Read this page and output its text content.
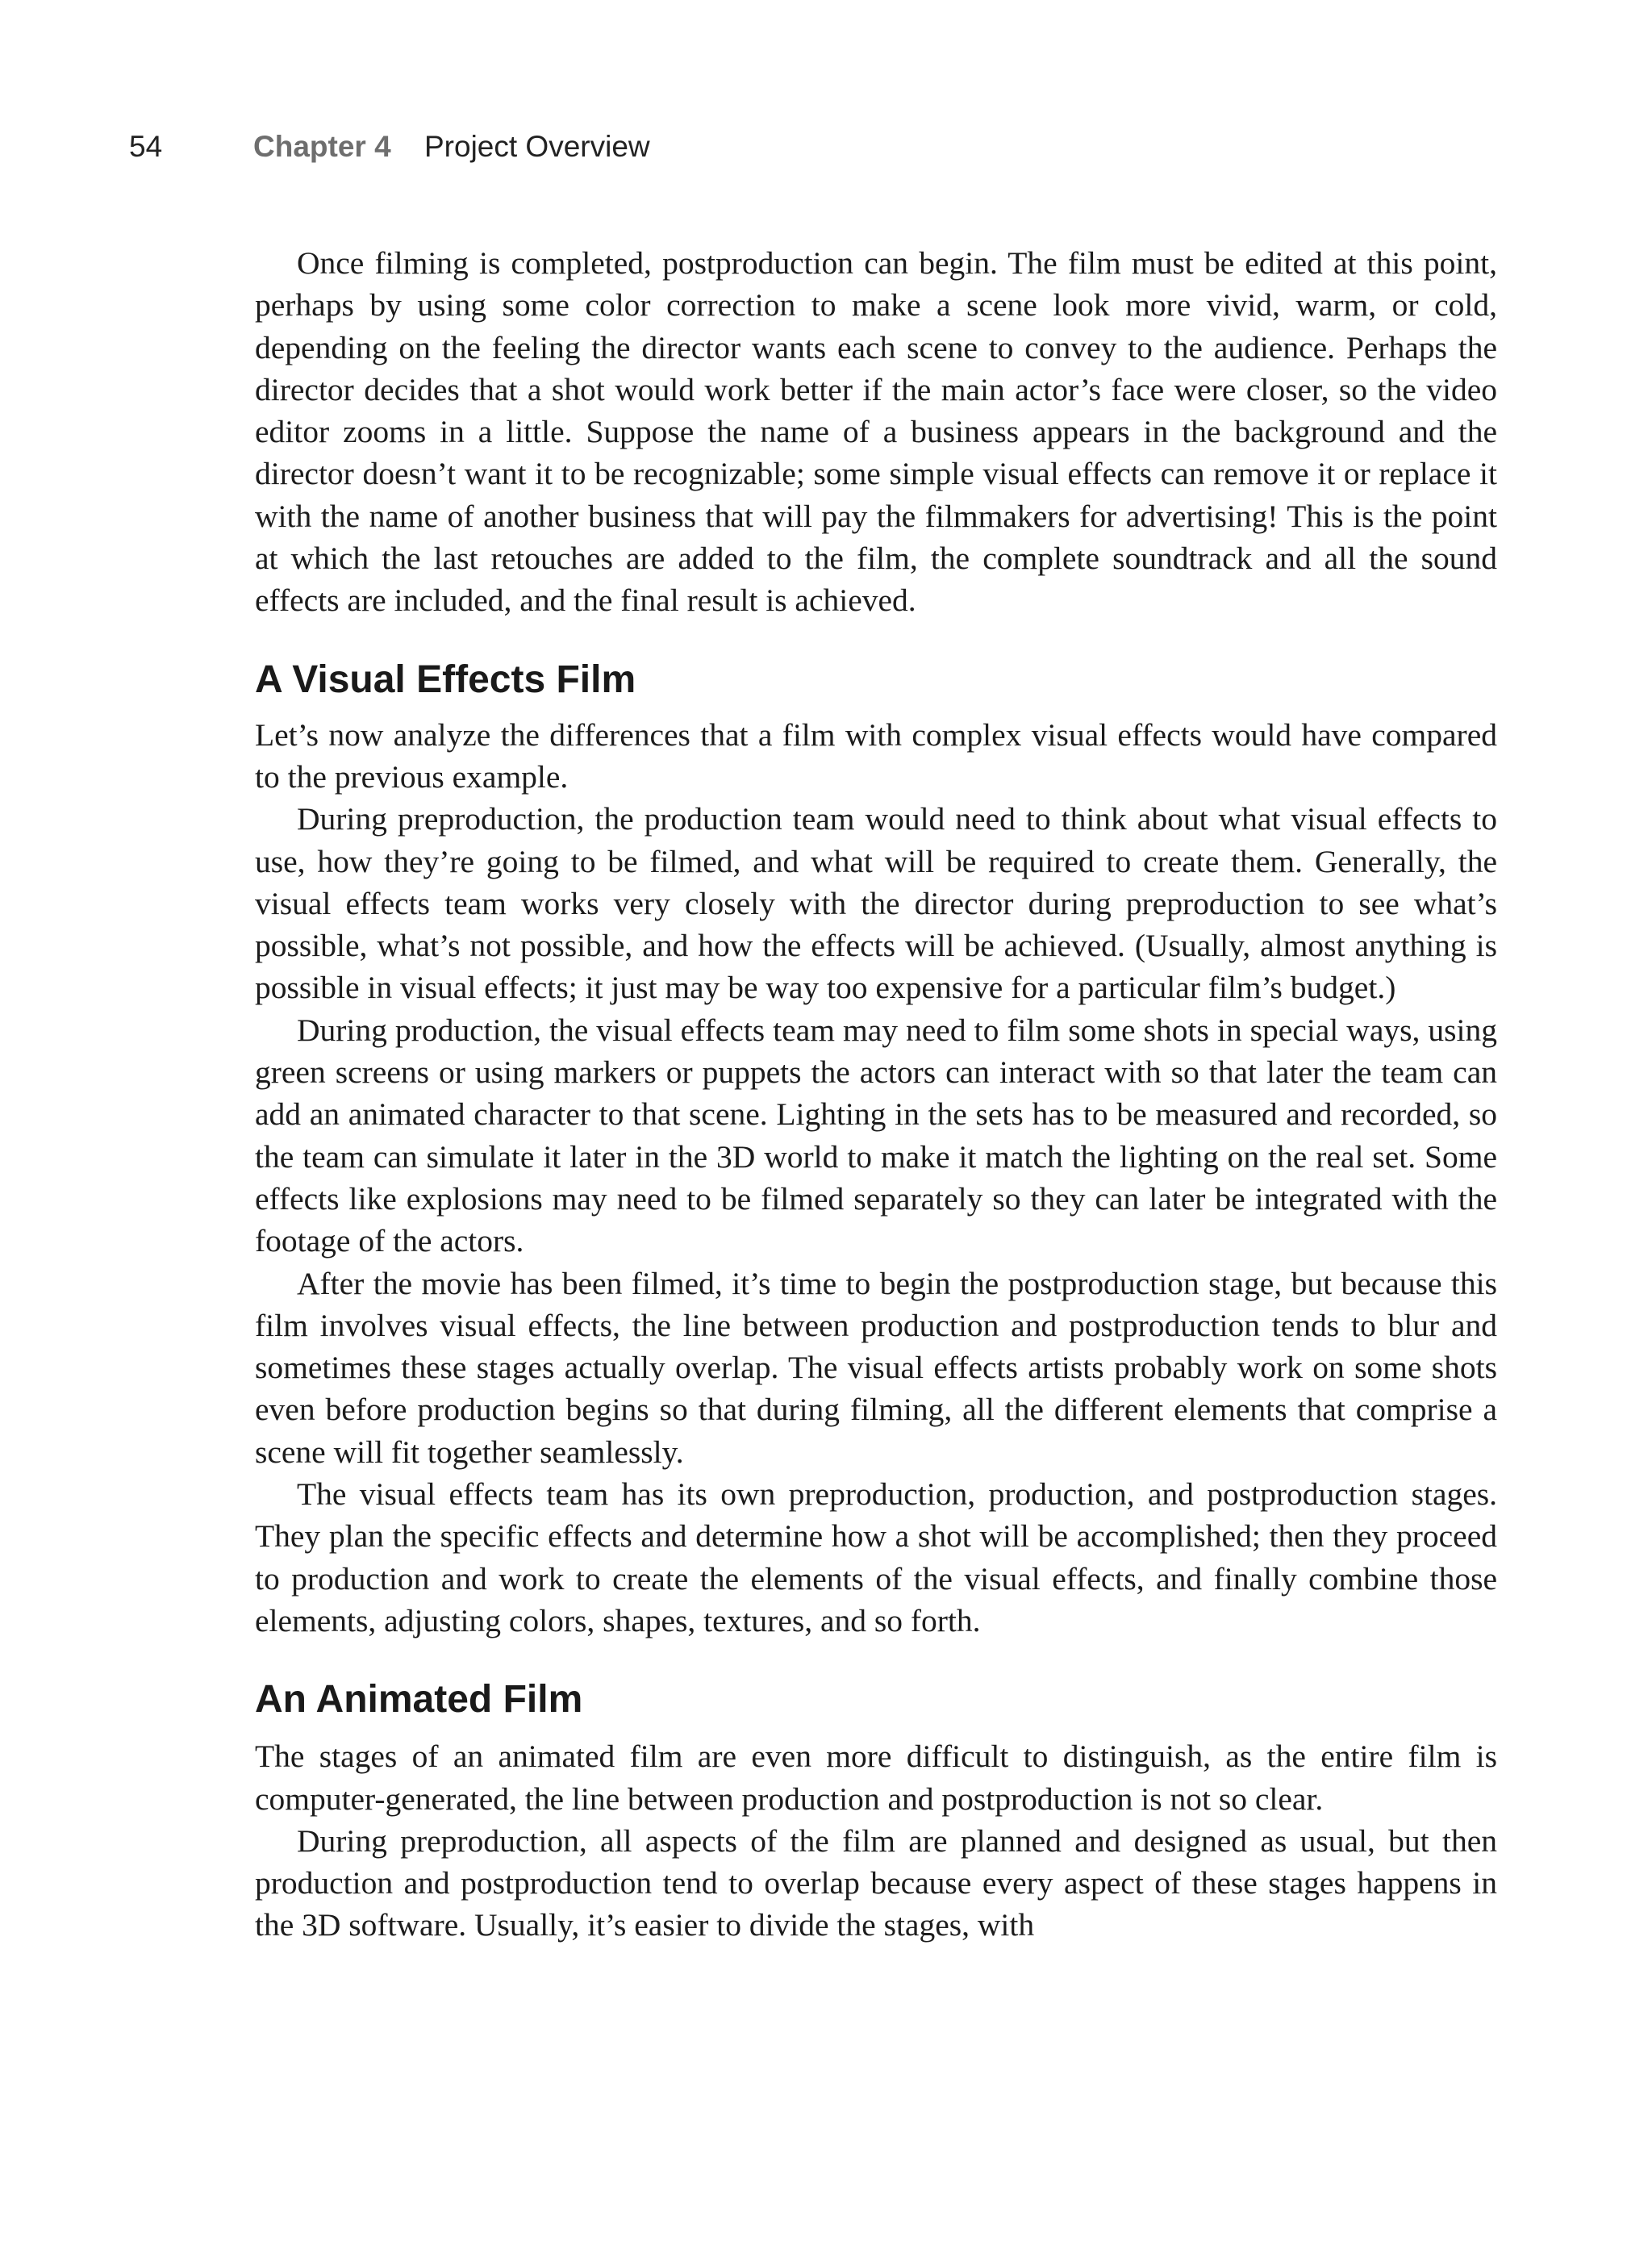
54	Chapter 4 Project Overview

Once filming is completed, postproduction can begin. The film must be edited at this point, perhaps by using some color correction to make a scene look more vivid, warm, or cold, depending on the feeling the director wants each scene to convey to the audience. Perhaps the director decides that a shot would work better if the main actor’s face were closer, so the video editor zooms in a little. Suppose the name of a business appears in the background and the director doesn’t want it to be recognizable; some simple visual effects can remove it or replace it with the name of another business that will pay the filmmakers for advertising! This is the point at which the last retouches are added to the film, the complete soundtrack and all the sound effects are included, and the final result is achieved.

A Visual Effects Film

Let’s now analyze the differences that a film with complex visual effects would have compared to the previous example.

During preproduction, the production team would need to think about what visual effects to use, how they’re going to be filmed, and what will be required to create them. Generally, the visual effects team works very closely with the director during preproduction to see what’s possible, what’s not possible, and how the effects will be achieved. (Usually, almost anything is possible in visual effects; it just may be way too expensive for a particular film’s budget.)

During production, the visual effects team may need to film some shots in special ways, using green screens or using markers or puppets the actors can interact with so that later the team can add an animated character to that scene. Lighting in the sets has to be measured and recorded, so the team can simulate it later in the 3D world to make it match the lighting on the real set. Some effects like explosions may need to be filmed separately so they can later be integrated with the footage of the actors.

After the movie has been filmed, it’s time to begin the postproduction stage, but because this film involves visual effects, the line between production and postproduction tends to blur and sometimes these stages actually overlap. The visual effects artists probably work on some shots even before production begins so that during filming, all the different elements that comprise a scene will fit together seamlessly.

The visual effects team has its own preproduction, production, and postproduction stages. They plan the specific effects and determine how a shot will be accomplished; then they proceed to production and work to create the elements of the visual effects, and finally combine those elements, adjusting colors, shapes, textures, and so forth.

An Animated Film

The stages of an animated film are even more difficult to distinguish, as the entire film is computer-generated, the line between production and postproduction is not so clear.

During preproduction, all aspects of the film are planned and designed as usual, but then production and postproduction tend to overlap because every aspect of these stages happens in the 3D software. Usually, it’s easier to divide the stages, with
